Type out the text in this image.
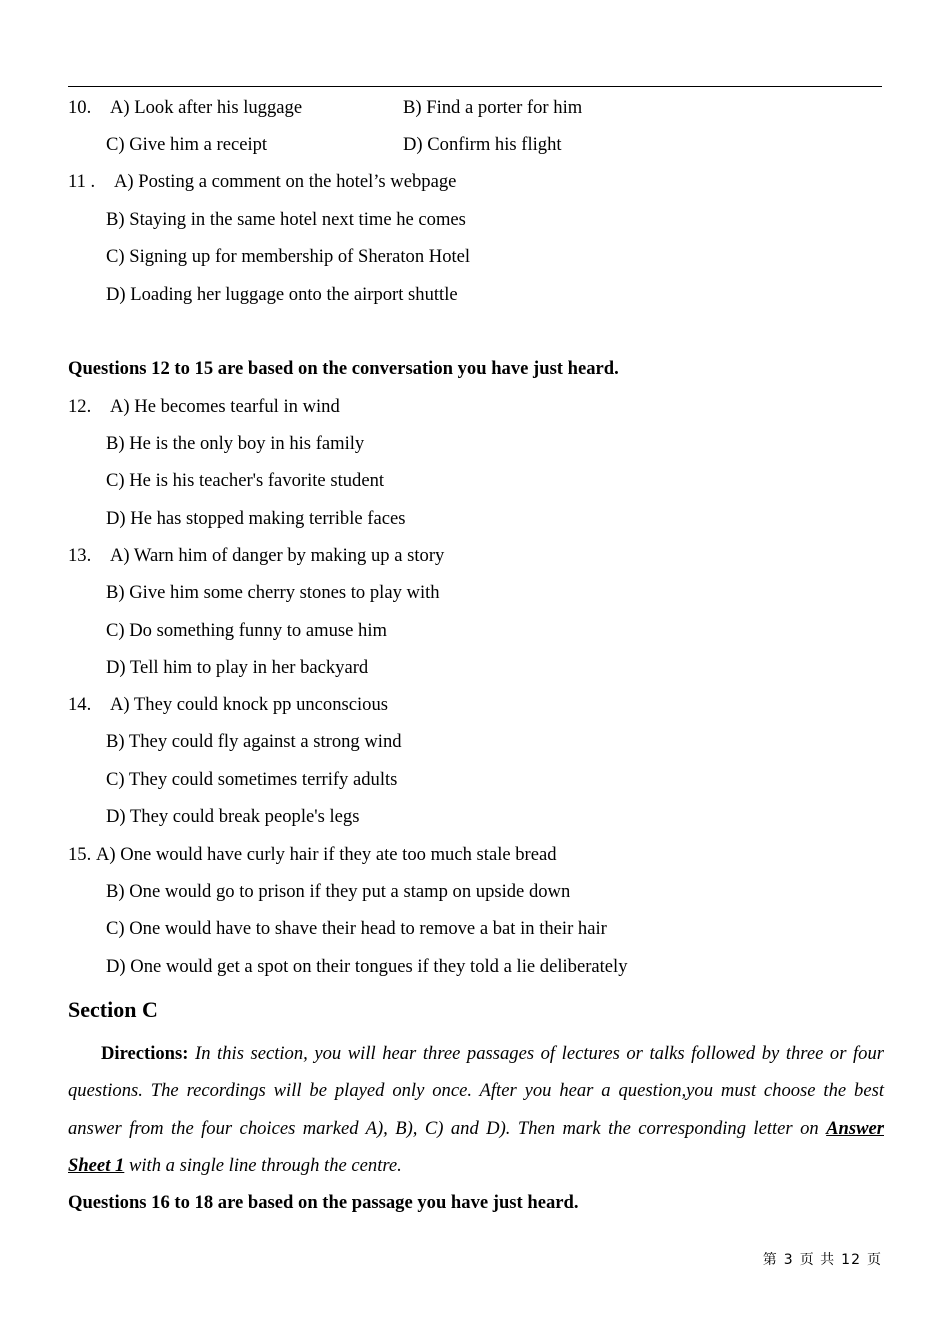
10. A) Look after his luggage	B) Find a porter for him
C) Give him a receipt	D) Confirm his flight
11 . A) Posting a comment on the hotel’s webpage
B) Staying in the same hotel next time he comes
C) Signing up for membership of Sheraton Hotel
D) Loading her luggage onto the airport shuttle
Questions 12 to 15 are based on the conversation you have just heard.
12. A) He becomes tearful in wind
B) He is the only boy in his family
C) He is his teacher's favorite student
D) He has stopped making terrible faces
13. A) Warn him of danger by making up a story
B) Give him some cherry stones to play with
C) Do something funny to amuse him
D) Tell him to play in her backyard
14. A) They could knock pp unconscious
B) They could fly against a strong wind
C) They could sometimes terrify adults
D) They could break people's legs
15. A) One would have curly hair if they ate too much stale bread
B) One would go to prison if they put a stamp on upside down
C) One would have to shave their head to remove a bat in their hair
D) One would get a spot on their tongues if they told a lie deliberately
Section C
Directions: In this section, you will hear three passages of lectures or talks followed by three or four
questions. The recordings will be played only once. After you hear a question,you must choose the best
answer from the four choices marked A), B), C) and D). Then mark the corresponding letter on Answer
Sheet 1 with a single line through the centre.
Questions 16 to 18 are based on the passage you have just heard.
第 3 页 共 12 页
